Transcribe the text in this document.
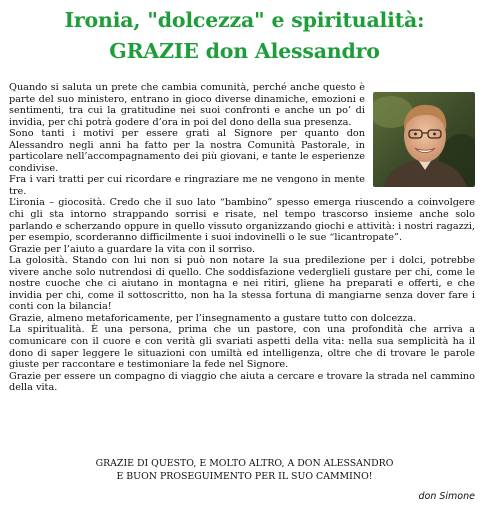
Ironia, "dolcezza" e spiritualità:
GRAZIE don Alessandro

Quando si saluta un prete che cambia comunità, perché anche questo è parte del suo ministero, entrano in gioco diverse dinamiche, emozioni e sentimenti, tra cui la gratitudine nei suoi confronti e anche un po’ di invidia, per chi potrà godere d’ora in poi del dono della sua presenza.

Sono tanti i motivi per essere grati al Signore per quanto don Alessandro negli anni ha fatto per la nostra Comunità Pastorale, in particolare nell’accompagnamento dei più giovani, e tante le esperienze condivise.

Fra i vari tratti per cui ricordare e ringraziare me ne vengono in mente tre.

L’ironia – giocosità. Credo che il suo lato “bambino” spesso emerga riuscendo a coinvolgere chi gli sta intorno strappando sorrisi e risate, nel tempo trascorso insieme anche solo parlando e scherzando oppure in quello vissuto organizzando giochi e attività: i nostri ragazzi, per esempio, scorderanno difficilmente i suoi indovinelli o le sue “licantropate”.

Grazie per l’aiuto a guardare la vita con il sorriso.

La golosità. Stando con lui non si può non notare la sua predilezione per i dolci, potrebbe vivere anche solo nutrendosi di quello. Che soddisfazione vederglieli gustare per chi, come le nostre cuoche che ci aiutano in montagna e nei ritiri, gliene ha preparati e offerti, e che invidia per chi, come il sottoscritto, non ha la stessa fortuna di mangiarne senza dover fare i conti con la bilancia!

Grazie, almeno metaforicamente, per l’insegnamento a gustare tutto con dolcezza.

La spiritualità. È una persona, prima che un pastore, con una profondità che arriva a comunicare con il cuore e con verità gli svariati aspetti della vita: nella sua semplicità ha il dono di saper leggere le situazioni con umiltà ed intelligenza, oltre che di trovare le parole giuste per raccontare e testimoniare la fede nel Signore.

Grazie per essere un compagno di viaggio che aiuta a cercare e trovare la strada nel cammino della vita.

GRAZIE DI QUESTO, E MOLTO ALTRO, A DON ALESSANDRO
E BUON PROSEGUIMENTO PER IL SUO CAMMINO!
don Simone
